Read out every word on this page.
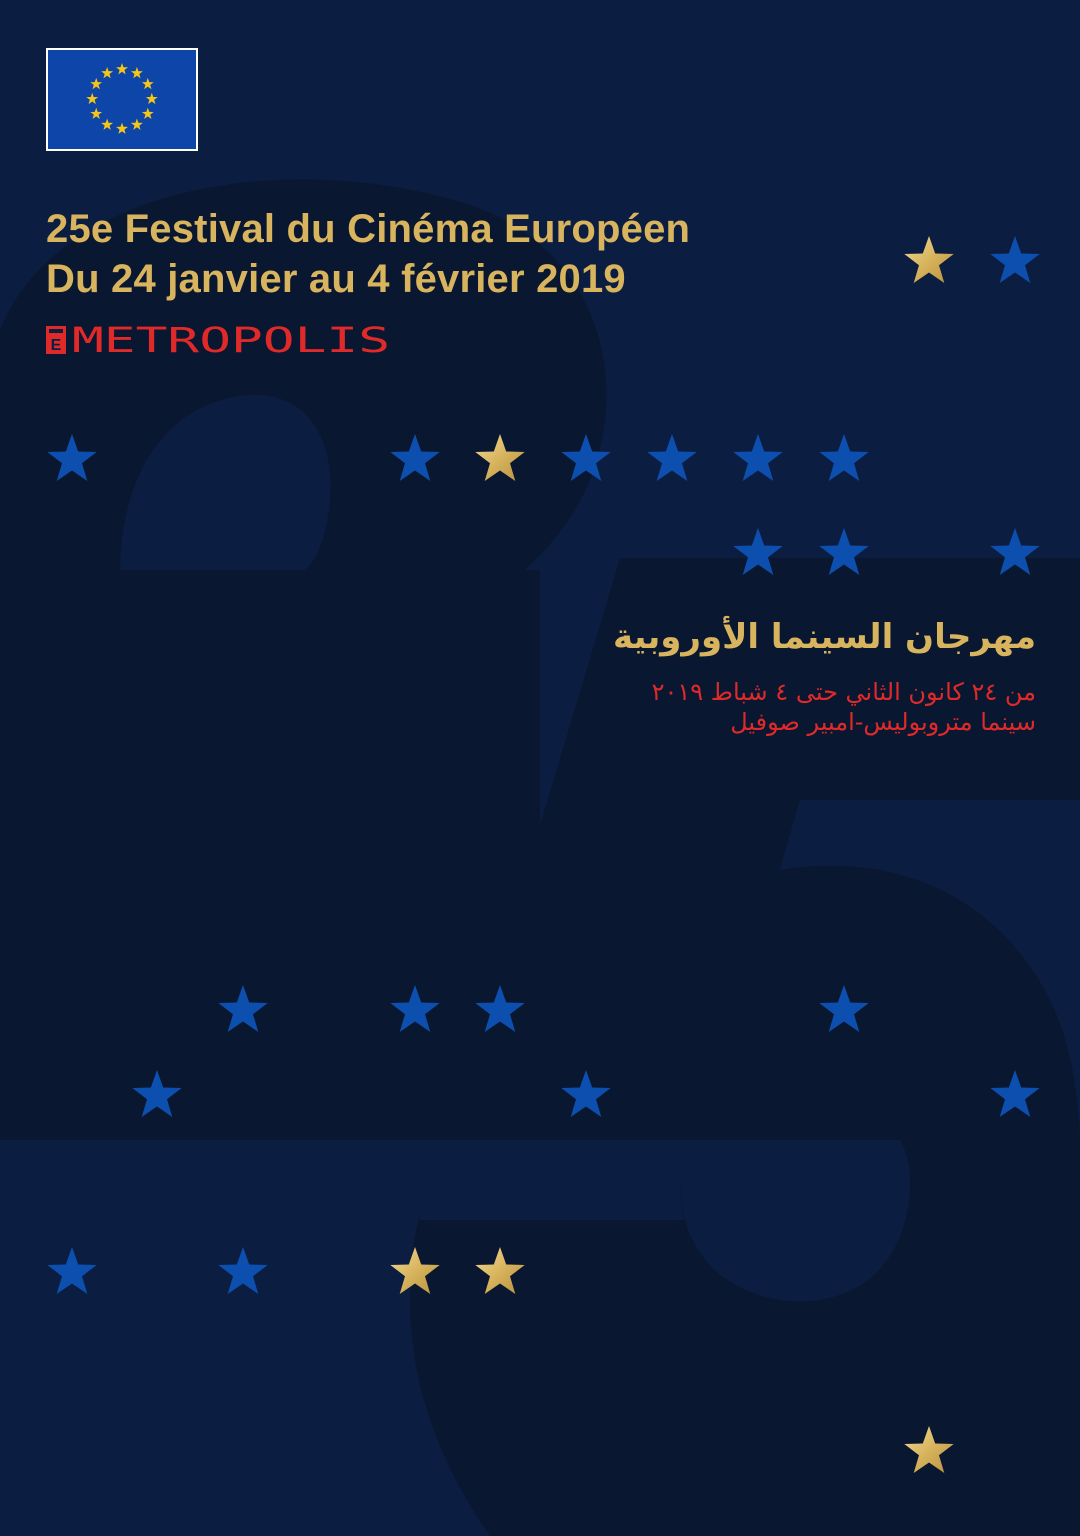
25e Festival du Cinéma Européen
Du 24 janvier au 4 février 2019
E METROPOLIS

مهرجان السينما الأوروبية

من ٢٤ كانون الثاني حتى ٤ شباط ٢٠١٩

سينما متروبوليس-امبير صوفيل
